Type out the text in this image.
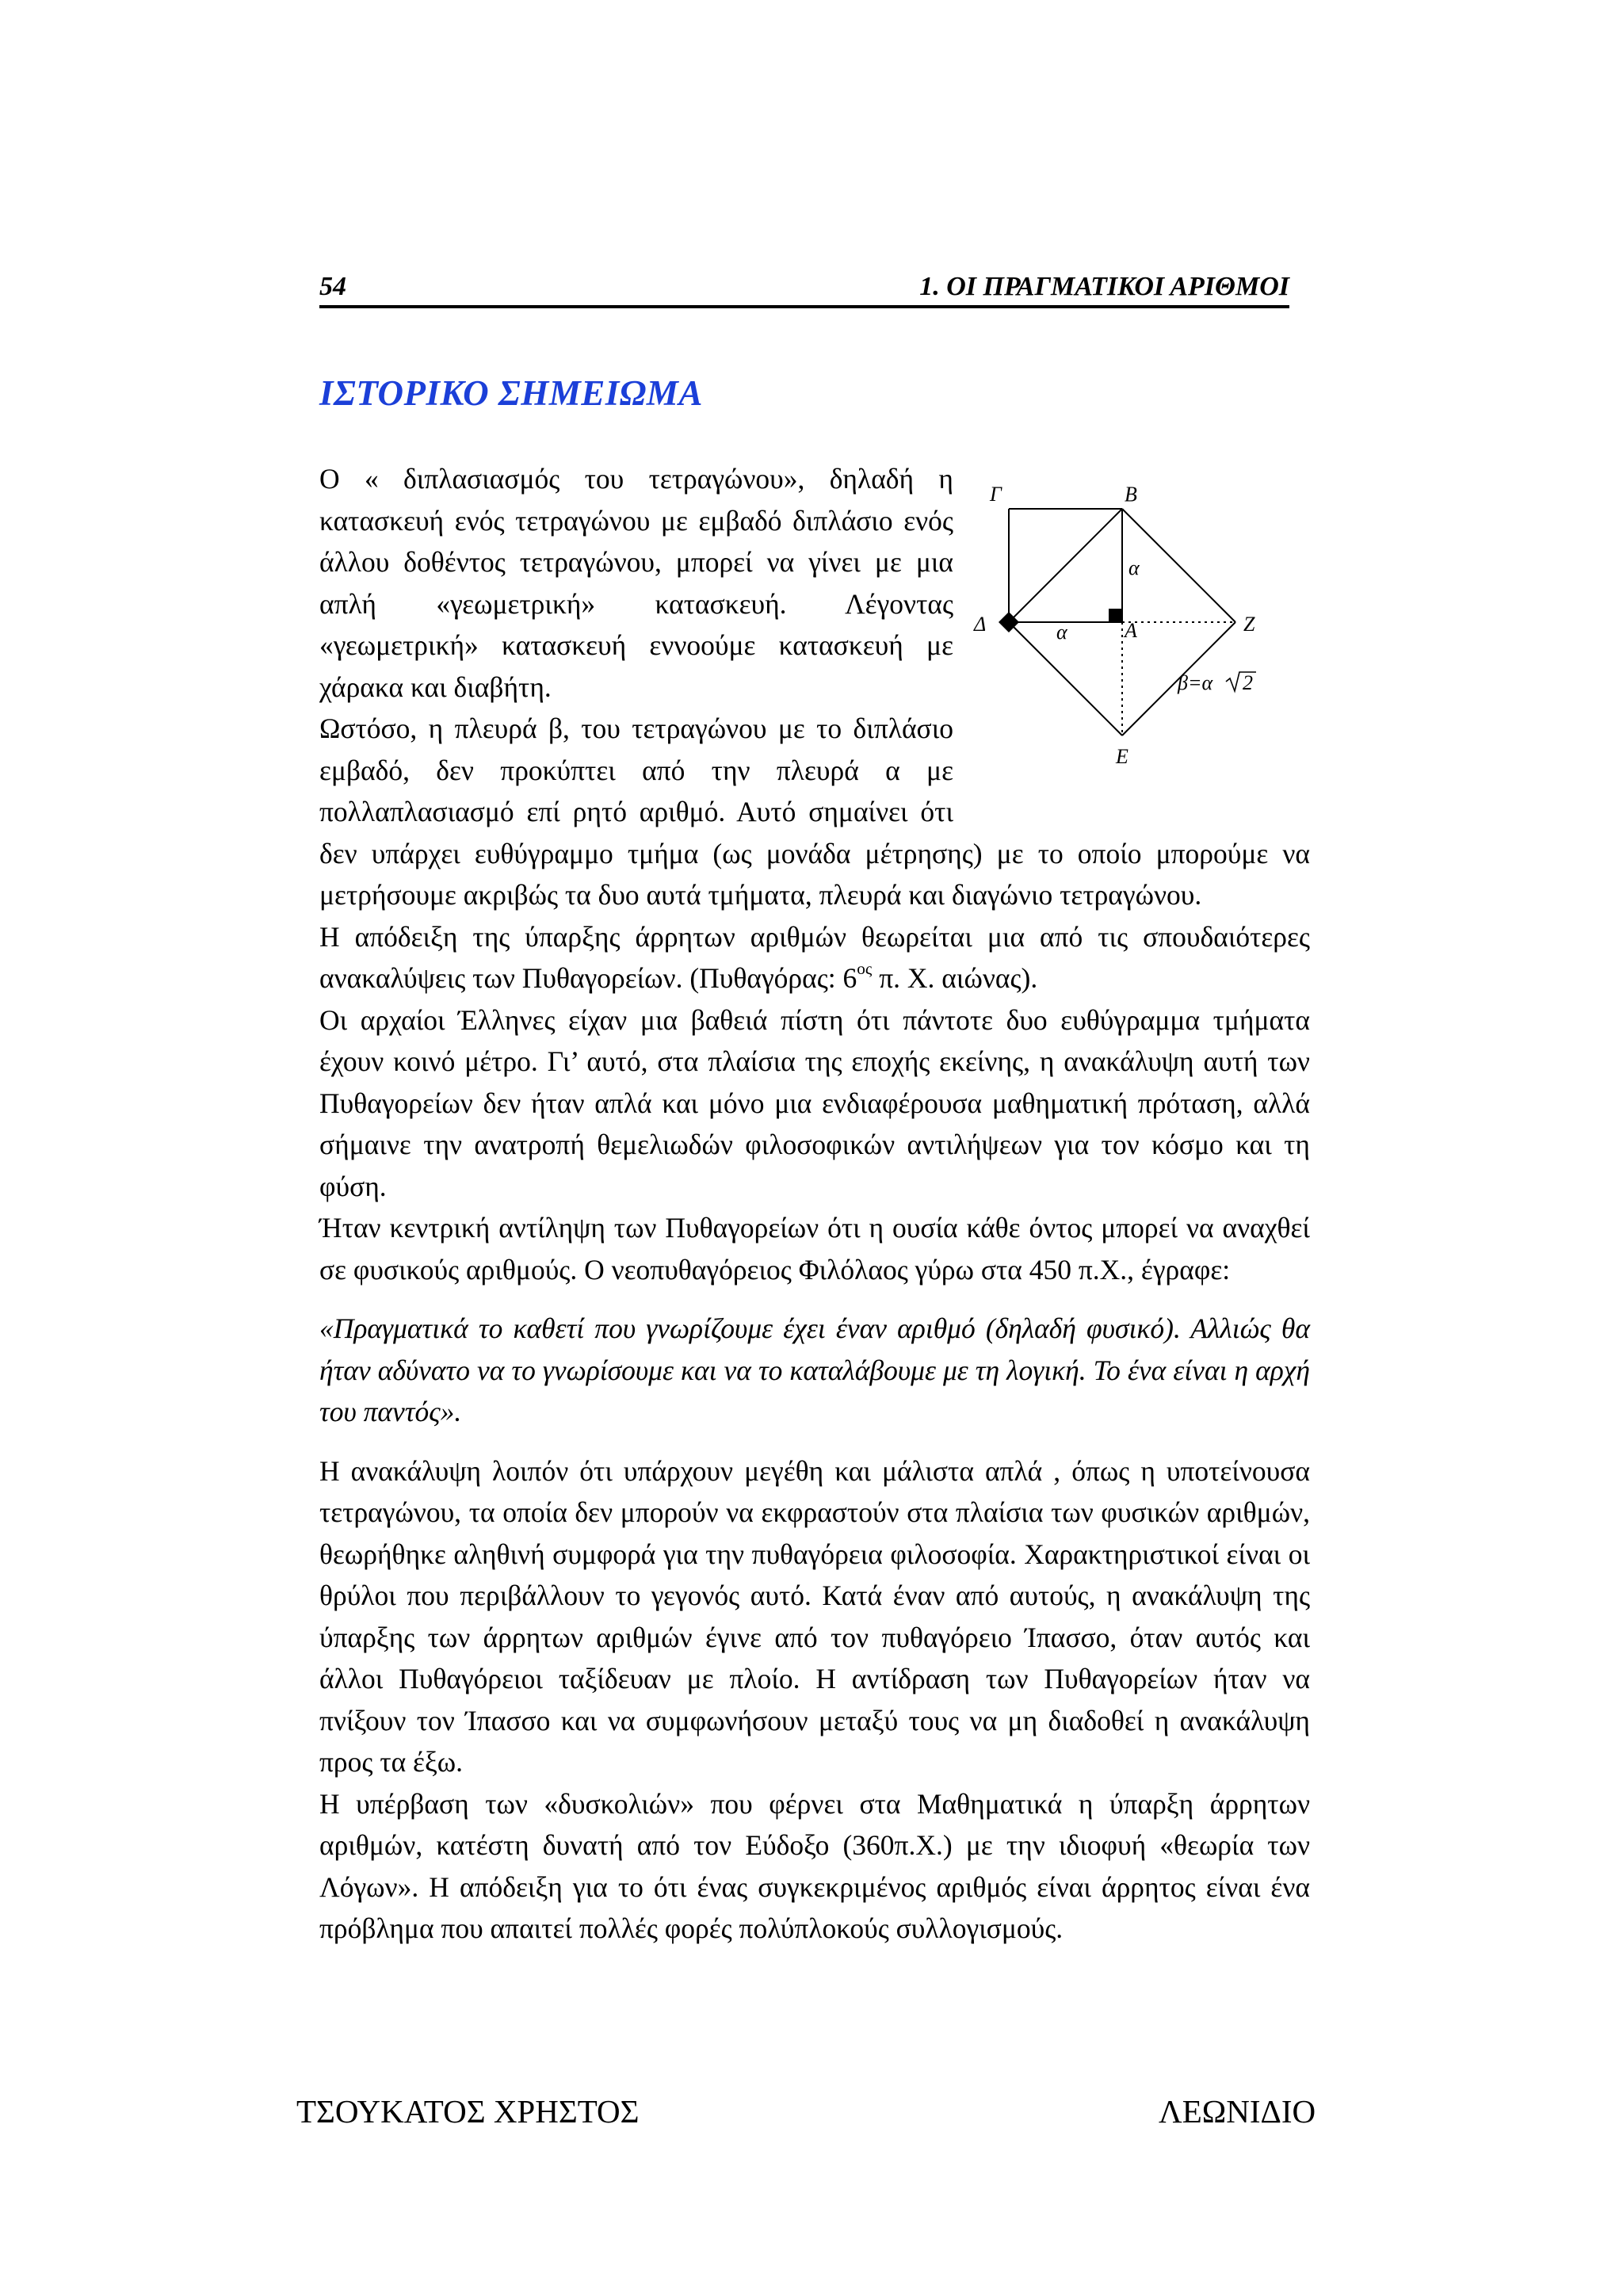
54	1. ΟΙ ΠΡΑΓΜΑΤΙΚΟΙ ΑΡΙΘΜΟΙ
ΙΣΤΟΡΙΚΟ ΣΗΜΕΙΩΜΑ
Γ	Β
Δ	Α	Ζ
Ε
α
α
β=α 2

Ο « διπλασιασμός του τετραγώνου», δηλαδή η κατασκευή ενός τετραγώνου με εμβαδό διπλάσιο ενός άλλου δοθέντος τετραγώνου, μπορεί να γίνει με μια απλή «γεωμετρική» κατασκευή. Λέγοντας «γεωμετρική» κατασκευή εννοούμε κατασκευή με χάρακα και διαβήτη.

Ωστόσο, η πλευρά β, του τετραγώνου με το διπλάσιο εμβαδό, δεν προκύπτει από την πλευρά α με πολλαπλασιασμό επί ρητό αριθμό. Αυτό σημαίνει ότι δεν υπάρχει ευθύγραμμο τμήμα (ως μονάδα μέτρησης) με το οποίο μπορούμε να μετρήσουμε ακριβώς τα δυο αυτά τμήματα, πλευρά και διαγώνιο τετραγώνου.

Η απόδειξη της ύπαρξης άρρητων αριθμών θεωρείται μια από τις σπουδαιότερες ανακαλύψεις των Πυθαγορείων. (Πυθαγόρας: $6^{o\varsigma}$ π. Χ. αιώνας).

Οι αρχαίοι Έλληνες είχαν μια βαθειά πίστη ότι πάντοτε δυο ευθύγραμμα τμήματα έχουν κοινό μέτρο. Γι’ αυτό, στα πλαίσια της εποχής εκείνης, η ανακάλυψη αυτή των Πυθαγορείων δεν ήταν απλά και μόνο μια ενδιαφέρουσα μαθηματική πρόταση, αλλά σήμαινε την ανατροπή θεμελιωδών φιλοσοφικών αντιλήψεων για τον κόσμο και τη φύση.

Ήταν κεντρική αντίληψη των Πυθαγορείων ότι η ουσία κάθε όντος μπορεί να αναχθεί σε φυσικούς αριθμούς. Ο νεοπυθαγόρειος Φιλόλαος γύρω στα 450 π.Χ., έγραφε:

«Πραγματικά το καθετί που γνωρίζουμε έχει έναν αριθμό (δηλαδή φυσικό). Αλλιώς θα ήταν αδύνατο να το γνωρίσουμε και να το καταλάβουμε με τη λογική. Το ένα είναι η αρχή του παντός».

Η ανακάλυψη λοιπόν ότι υπάρχουν μεγέθη και μάλιστα απλά , όπως η υποτείνουσα τετραγώνου, τα οποία δεν μπορούν να εκφραστούν στα πλαίσια των φυσικών αριθμών, θεωρήθηκε αληθινή συμφορά για την πυθαγόρεια φιλοσοφία. Χαρακτηριστικοί είναι οι θρύλοι που περιβάλλουν το γεγονός αυτό. Κατά έναν από αυτούς, η ανακάλυψη της ύπαρξης των άρρητων αριθμών έγινε από τον πυθαγόρειο Ίπασσο, όταν αυτός και άλλοι Πυθαγόρειοι ταξίδευαν με πλοίο. Η αντίδραση των Πυθαγορείων ήταν να πνίξουν τον Ίπασσο και να συμφωνήσουν μεταξύ τους να μη διαδοθεί η ανακάλυψη προς τα έξω.

Η υπέρβαση των «δυσκολιών» που φέρνει στα Μαθηματικά η ύπαρξη άρρητων αριθμών, κατέστη δυνατή από τον Εύδοξο (360π.Χ.) με την ιδιοφυή «θεωρία των Λόγων». Η απόδειξη για το ότι ένας συγκεκριμένος αριθμός είναι άρρητος είναι ένα πρόβλημα που απαιτεί πολλές φορές πολύπλοκούς συλλογισμούς.

ΤΣΟΥΚΑΤΟΣ ΧΡΗΣΤΟΣ	ΛΕΩΝΙΔΙΟ
